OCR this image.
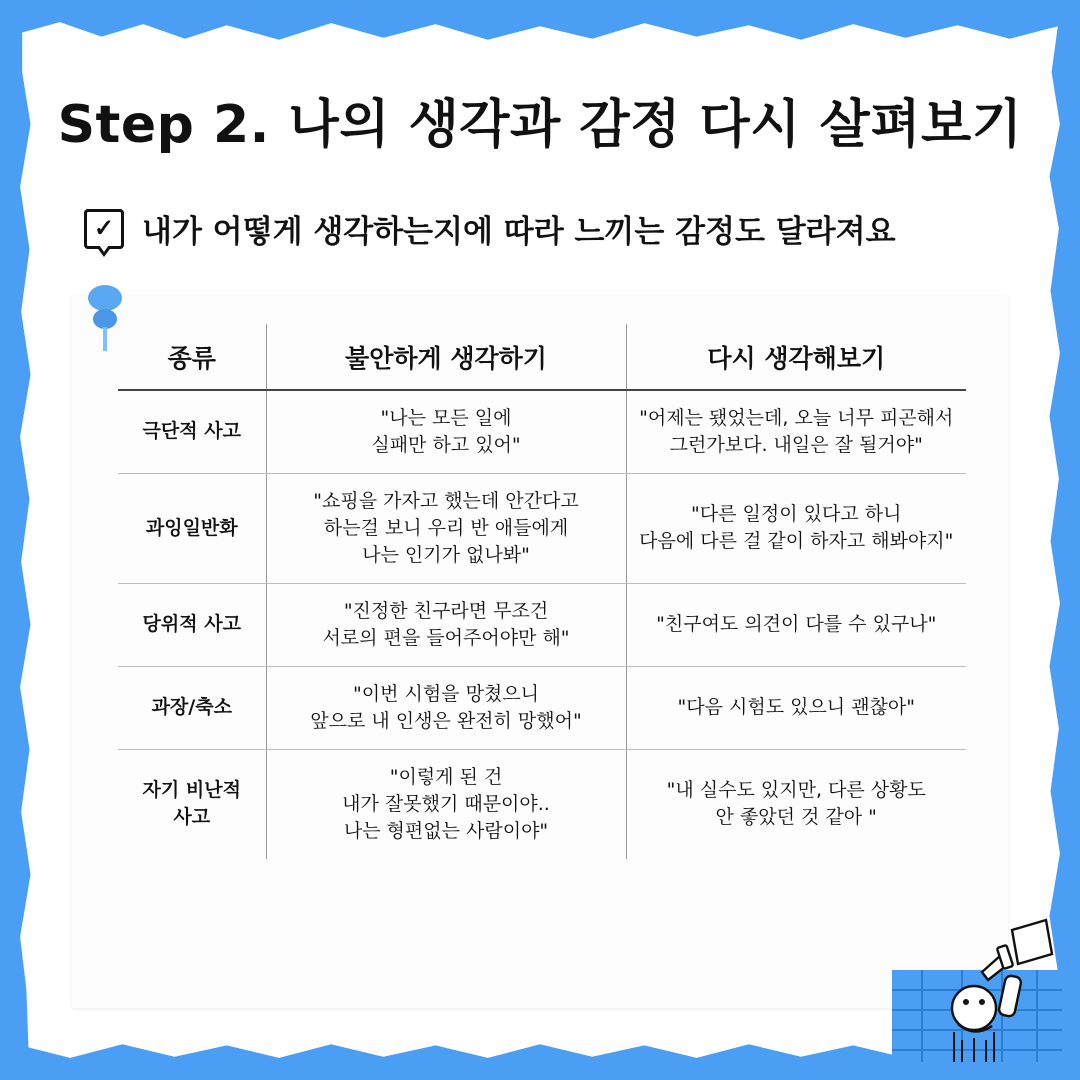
Step 2. 나의 생각과 감정 다시 살펴보기
✓ 내가 어떻게 생각하는지에 따라 느끼는 감정도 달라져요
종류	불안하게 생각하기	다시 생각해보기
극단적 사고	"나는 모든 일에
실패만 하고 있어"	"어제는 됐었는데, 오늘 너무 피곤해서
그런가보다. 내일은 잘 될거야"
과잉일반화	"쇼핑을 가자고 했는데 안간다고
하는걸 보니 우리 반 애들에게
나는 인기가 없나봐"	"다른 일정이 있다고 하니
다음에 다른 걸 같이 하자고 해봐야지"
당위적 사고	"진정한 친구라면 무조건
서로의 편을 들어주어야만 해"	"친구여도 의견이 다를 수 있구나"
과장/축소	"이번 시험을 망쳤으니
앞으로 내 인생은 완전히 망했어"	"다음 시험도 있으니 괜찮아"
자기 비난적
사고	"이렇게 된 건
내가 잘못했기 때문이야..
나는 형편없는 사람이야"	"내 실수도 있지만, 다른 상황도
안 좋았던 것 같아 "
